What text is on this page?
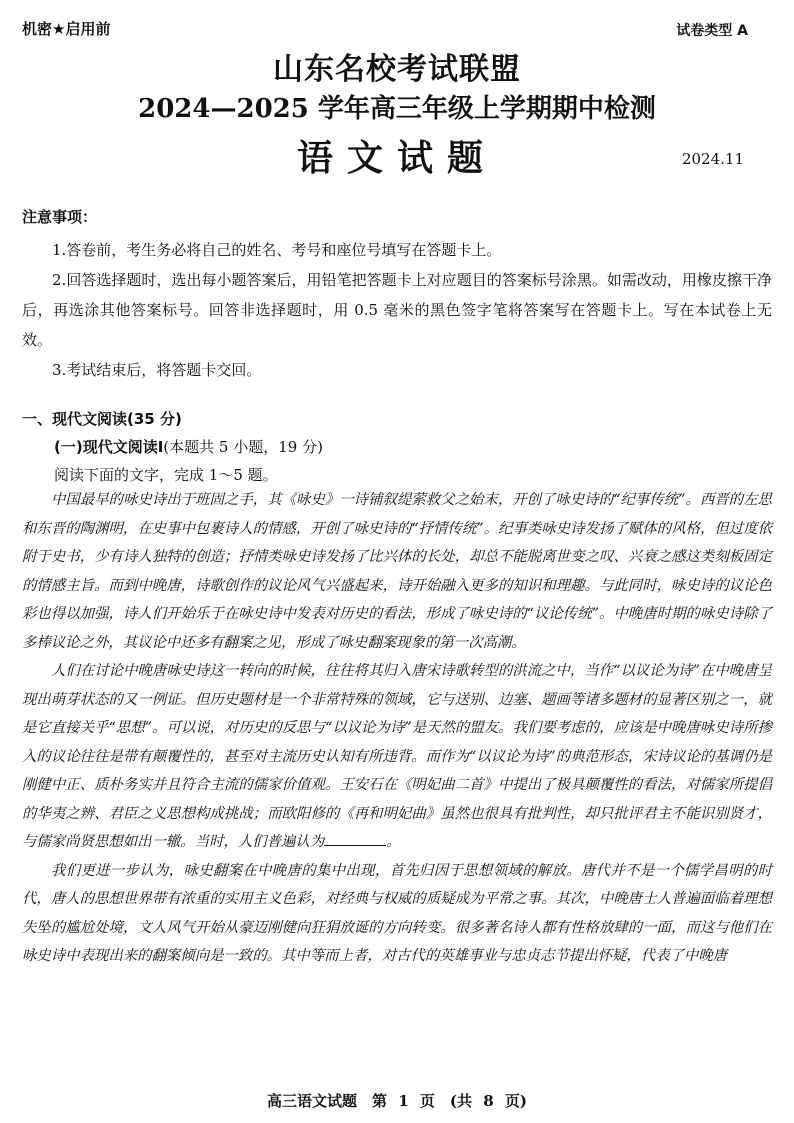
机密★启用前	试卷类型 A
山东名校考试联盟
2024—2025 学年高三年级上学期期中检测
语文试题	2024.11
注意事项：

1.答卷前，考生务必将自己的姓名、考号和座位号填写在答题卡上。

2.回答选择题时，选出每小题答案后，用铅笔把答题卡上对应题目的答案标号涂黑。如需改动，用橡皮擦干净后，再选涂其他答案标号。回答非选择题时，用 0.5 毫米的黑色签字笔将答案写在答题卡上。写在本试卷上无效。

3.考试结束后，将答题卡交回。

一、现代文阅读(35 分)
(一)现代文阅读Ⅰ(本题共 5 小题，19 分)
阅读下面的文字，完成 1～5 题。

中国最早的咏史诗出于班固之手，其《咏史》一诗铺叙缇萦救父之始末，开创了咏史诗的“纪事传统”。西晋的左思和东晋的陶渊明，在史事中包裹诗人的情感，开创了咏史诗的“抒情传统”。纪事类咏史诗发扬了赋体的风格，但过度依附于史书，少有诗人独特的创造；抒情类咏史诗发扬了比兴体的长处，却总不能脱离世变之叹、兴衰之感这类刻板固定的情感主旨。而到中晚唐，诗歌创作的议论风气兴盛起来，诗开始融入更多的知识和理趣。与此同时，咏史诗的议论色彩也得以加强，诗人们开始乐于在咏史诗中发表对历史的看法，形成了咏史诗的“议论传统”。中晚唐时期的咏史诗除了多棒议论之外，其议论中还多有翻案之见，形成了咏史翻案现象的第一次高潮。

人们在讨论中晚唐咏史诗这一转向的时候，往往将其归入唐宋诗歌转型的洪流之中，当作“以议论为诗”在中晚唐呈现出萌芽状态的又一例证。但历史题材是一个非常特殊的领域，它与送别、边塞、题画等诸多题材的显著区别之一，就是它直接关乎“思想”。可以说，对历史的反思与“以议论为诗”是天然的盟友。我们要考虑的，应该是中晚唐咏史诗所掺入的议论往往是带有颠覆性的，甚至对主流历史认知有所违背。而作为“以议论为诗”的典范形态，宋诗议论的基调仍是刚健中正、质朴务实并且符合主流的儒家价值观。王安石在《明妃曲二首》中提出了极具颠覆性的看法，对儒家所提倡的华夷之辨、君臣之义思想构成挑战；而欧阳修的《再和明妃曲》虽然也很具有批判性，却只批评君主不能识别贤才，与儒家尚贤思想如出一辙。当时，人们普遍认为	。

我们更进一步认为，咏史翻案在中晚唐的集中出现，首先归因于思想领域的解放。唐代并不是一个儒学昌明的时代，唐人的思想世界带有浓重的实用主义色彩，对经典与权威的质疑成为平常之事。其次，中晚唐士人普遍面临着理想失坠的尴尬处境，文人风气开始从豪迈刚健向狂狷放诞的方向转变。很多著名诗人都有性格放肆的一面，而这与他们在咏史诗中表现出来的翻案倾向是一致的。其中等而上者，对古代的英雄事业与忠贞志节提出怀疑，代表了中晚唐

高三语文试题　第 1 页　(共 8 页)
